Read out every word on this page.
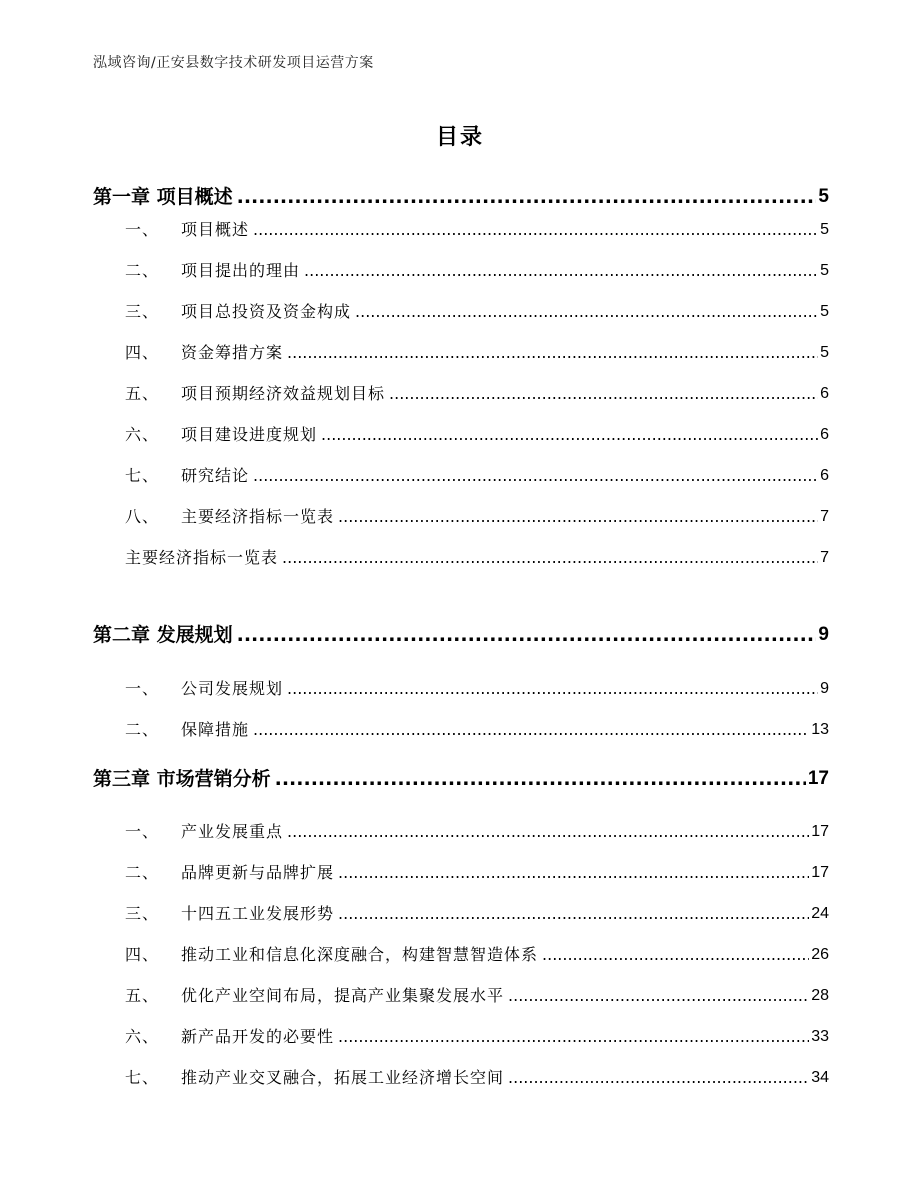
泓域咨询/正安县数字技术研发项目运营方案
目录
第一章 项目概述 .....	5
一、 项目概述 .....	5
二、 项目提出的理由 .....	5
三、 项目总投资及资金构成 .....	5
四、 资金筹措方案 .....	5
五、 项目预期经济效益规划目标 .....	6
六、 项目建设进度规划 .....	6
七、 研究结论 .....	6
八、 主要经济指标一览表 .....	7
主要经济指标一览表 .....	7
第二章 发展规划 .....	9
一、 公司发展规划 .....	9
二、 保障措施 .....	13
第三章 市场营销分析 .....	17
一、 产业发展重点 .....	17
二、 品牌更新与品牌扩展 .....	17
三、 十四五工业发展形势 .....	24
四、 推动工业和信息化深度融合，构建智慧智造体系 .....	26
五、 优化产业空间布局，提高产业集聚发展水平 .....	28
六、 新产品开发的必要性 .....	33
七、 推动产业交叉融合，拓展工业经济增长空间 .....	34
